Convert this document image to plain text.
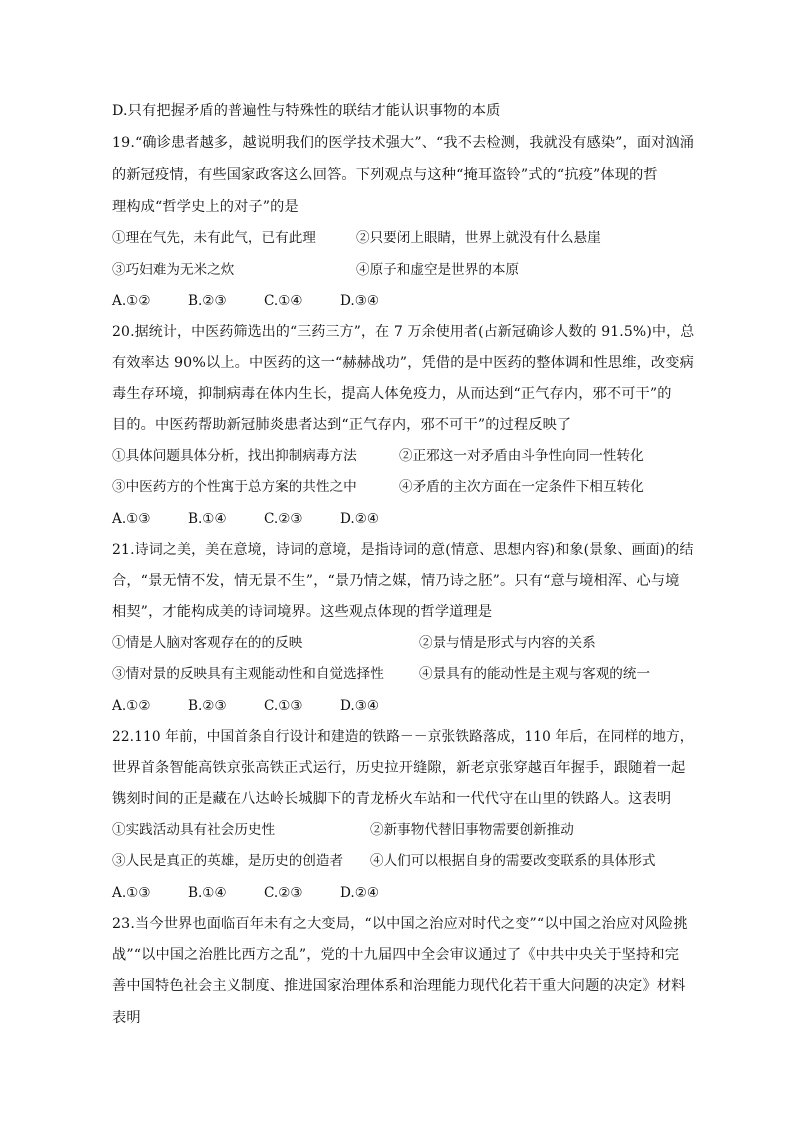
D.只有把握矛盾的普遍性与特殊性的联结才能认识事物的本质
19.“确诊患者越多，越说明我们的医学技术强大”、“我不去检测，我就没有感染”，面对汹涌
的新冠疫情，有些国家政客这么回答。下列观点与这种“掩耳盗铃”式的“抗疫”体现的哲
理构成“哲学史上的对子”的是
①理在气先，未有此气，已有此理	②只要闭上眼睛，世界上就没有什么悬崖
③巧妇难为无米之炊	④原子和虚空是世界的本原
A.①②	B.②③	C.①④	D.③④
20.据统计，中医药筛选出的“三药三方”，在 7 万余使用者(占新冠确诊人数的 91.5%)中，总
有效率达 90%以上。中医药的这一“赫赫战功”，凭借的是中医药的整体调和性思维，改变病
毒生存环境，抑制病毒在体内生长，提高人体免疫力，从而达到“正气存内，邪不可干”的
目的。中医药帮助新冠肺炎患者达到“正气存内，邪不可干”的过程反映了
①具体问题具体分析，找出抑制病毒方法	②正邪这一对矛盾由斗争性向同一性转化
③中医药方的个性寓于总方案的共性之中	④矛盾的主次方面在一定条件下相互转化
A.①③	B.①④	C.②③	D.②④
21.诗词之美，美在意境，诗词的意境，是指诗词的意(情意、思想内容)和象(景象、画面)的结
合，“景无情不发，情无景不生”，“景乃情之媒，情乃诗之胚”。只有“意与境相浑、心与境
相契”，才能构成美的诗词境界。这些观点体现的哲学道理是
①情是人脑对客观存在的的反映	②景与情是形式与内容的关系
③情对景的反映具有主观能动性和自觉选择性	④景具有的能动性是主观与客观的统一
A.①②	B.②③	C.①③	D.③④
22.110 年前，中国首条自行设计和建造的铁路－－京张铁路落成，110 年后，在同样的地方，
世界首条智能高铁京张高铁正式运行，历史拉开缝隙，新老京张穿越百年握手，跟随着一起
镌刻时间的正是藏在八达岭长城脚下的青龙桥火车站和一代代守在山里的铁路人。这表明
①实践活动具有社会历史性	②新事物代替旧事物需要创新推动
③人民是真正的英雄，是历史的创造者 ④人们可以根据自身的需要改变联系的具体形式
A.①③	B.①④	C.②③	D.②④
23.当今世界也面临百年未有之大变局，“以中国之治应对时代之变”“以中国之治应对风险挑
战”“以中国之治胜比西方之乱”，党的十九届四中全会审议通过了《中共中央关于坚持和完
善中国特色社会主义制度、推进国家治理体系和治理能力现代化若干重大问题的决定》材料
表明
